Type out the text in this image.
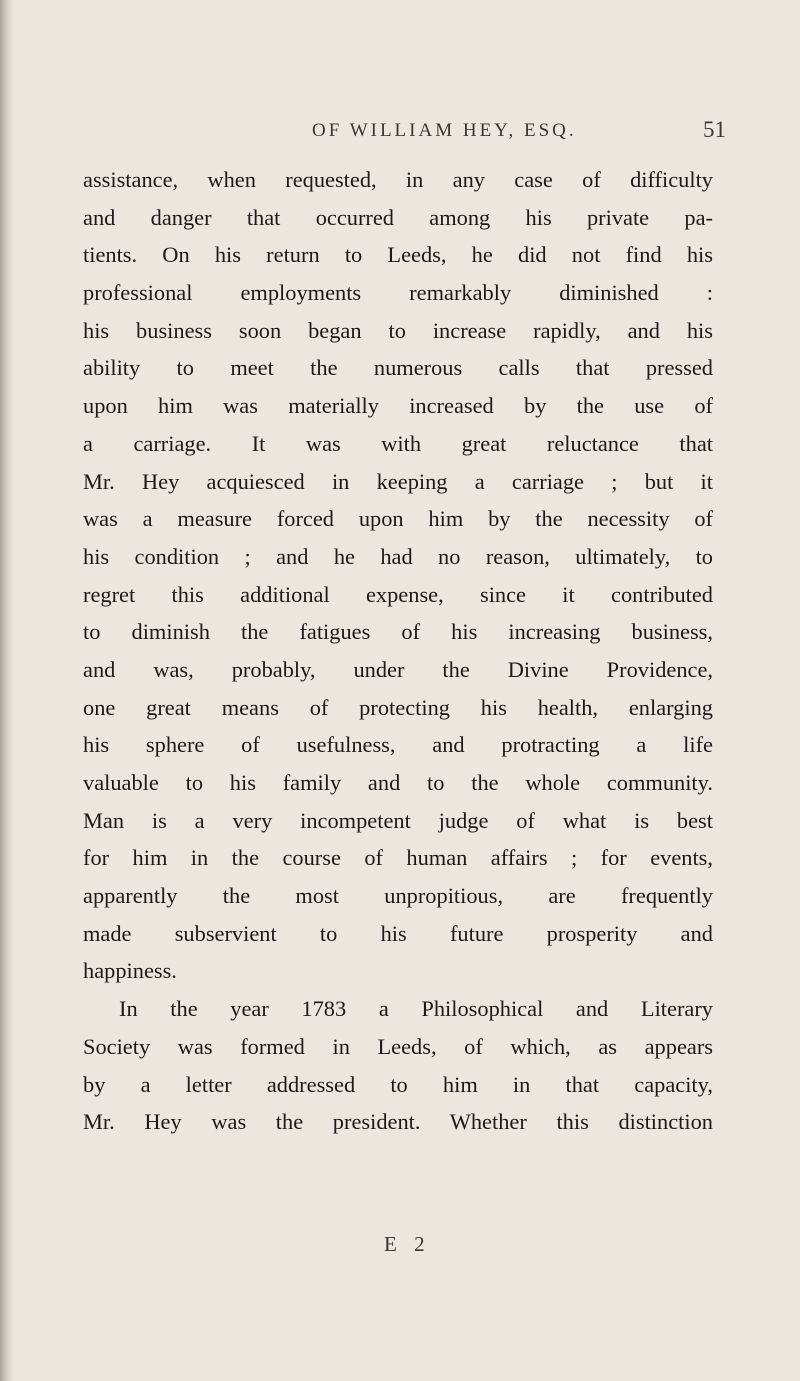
OF WILLIAM HEY, ESQ.	51
assistance, when requested, in any case of difficulty
and danger that occurred among his private pa-
tients. On his return to Leeds, he did not find his
professional employments remarkably diminished :
his business soon began to increase rapidly, and his
ability to meet the numerous calls that pressed
upon him was materially increased by the use of
a carriage. It was with great reluctance that
Mr. Hey acquiesced in keeping a carriage ; but it
was a measure forced upon him by the necessity of
his condition ; and he had no reason, ultimately, to
regret this additional expense, since it contributed
to diminish the fatigues of his increasing business,
and was, probably, under the Divine Providence,
one great means of protecting his health, enlarging
his sphere of usefulness, and protracting a life
valuable to his family and to the whole community.
Man is a very incompetent judge of what is best
for him in the course of human affairs ; for events,
apparently the most unpropitious, are frequently
made subservient to his future prosperity and
happiness.
In the year 1783 a Philosophical and Literary
Society was formed in Leeds, of which, as appears
by a letter addressed to him in that capacity,
Mr. Hey was the president. Whether this distinction
E 2
